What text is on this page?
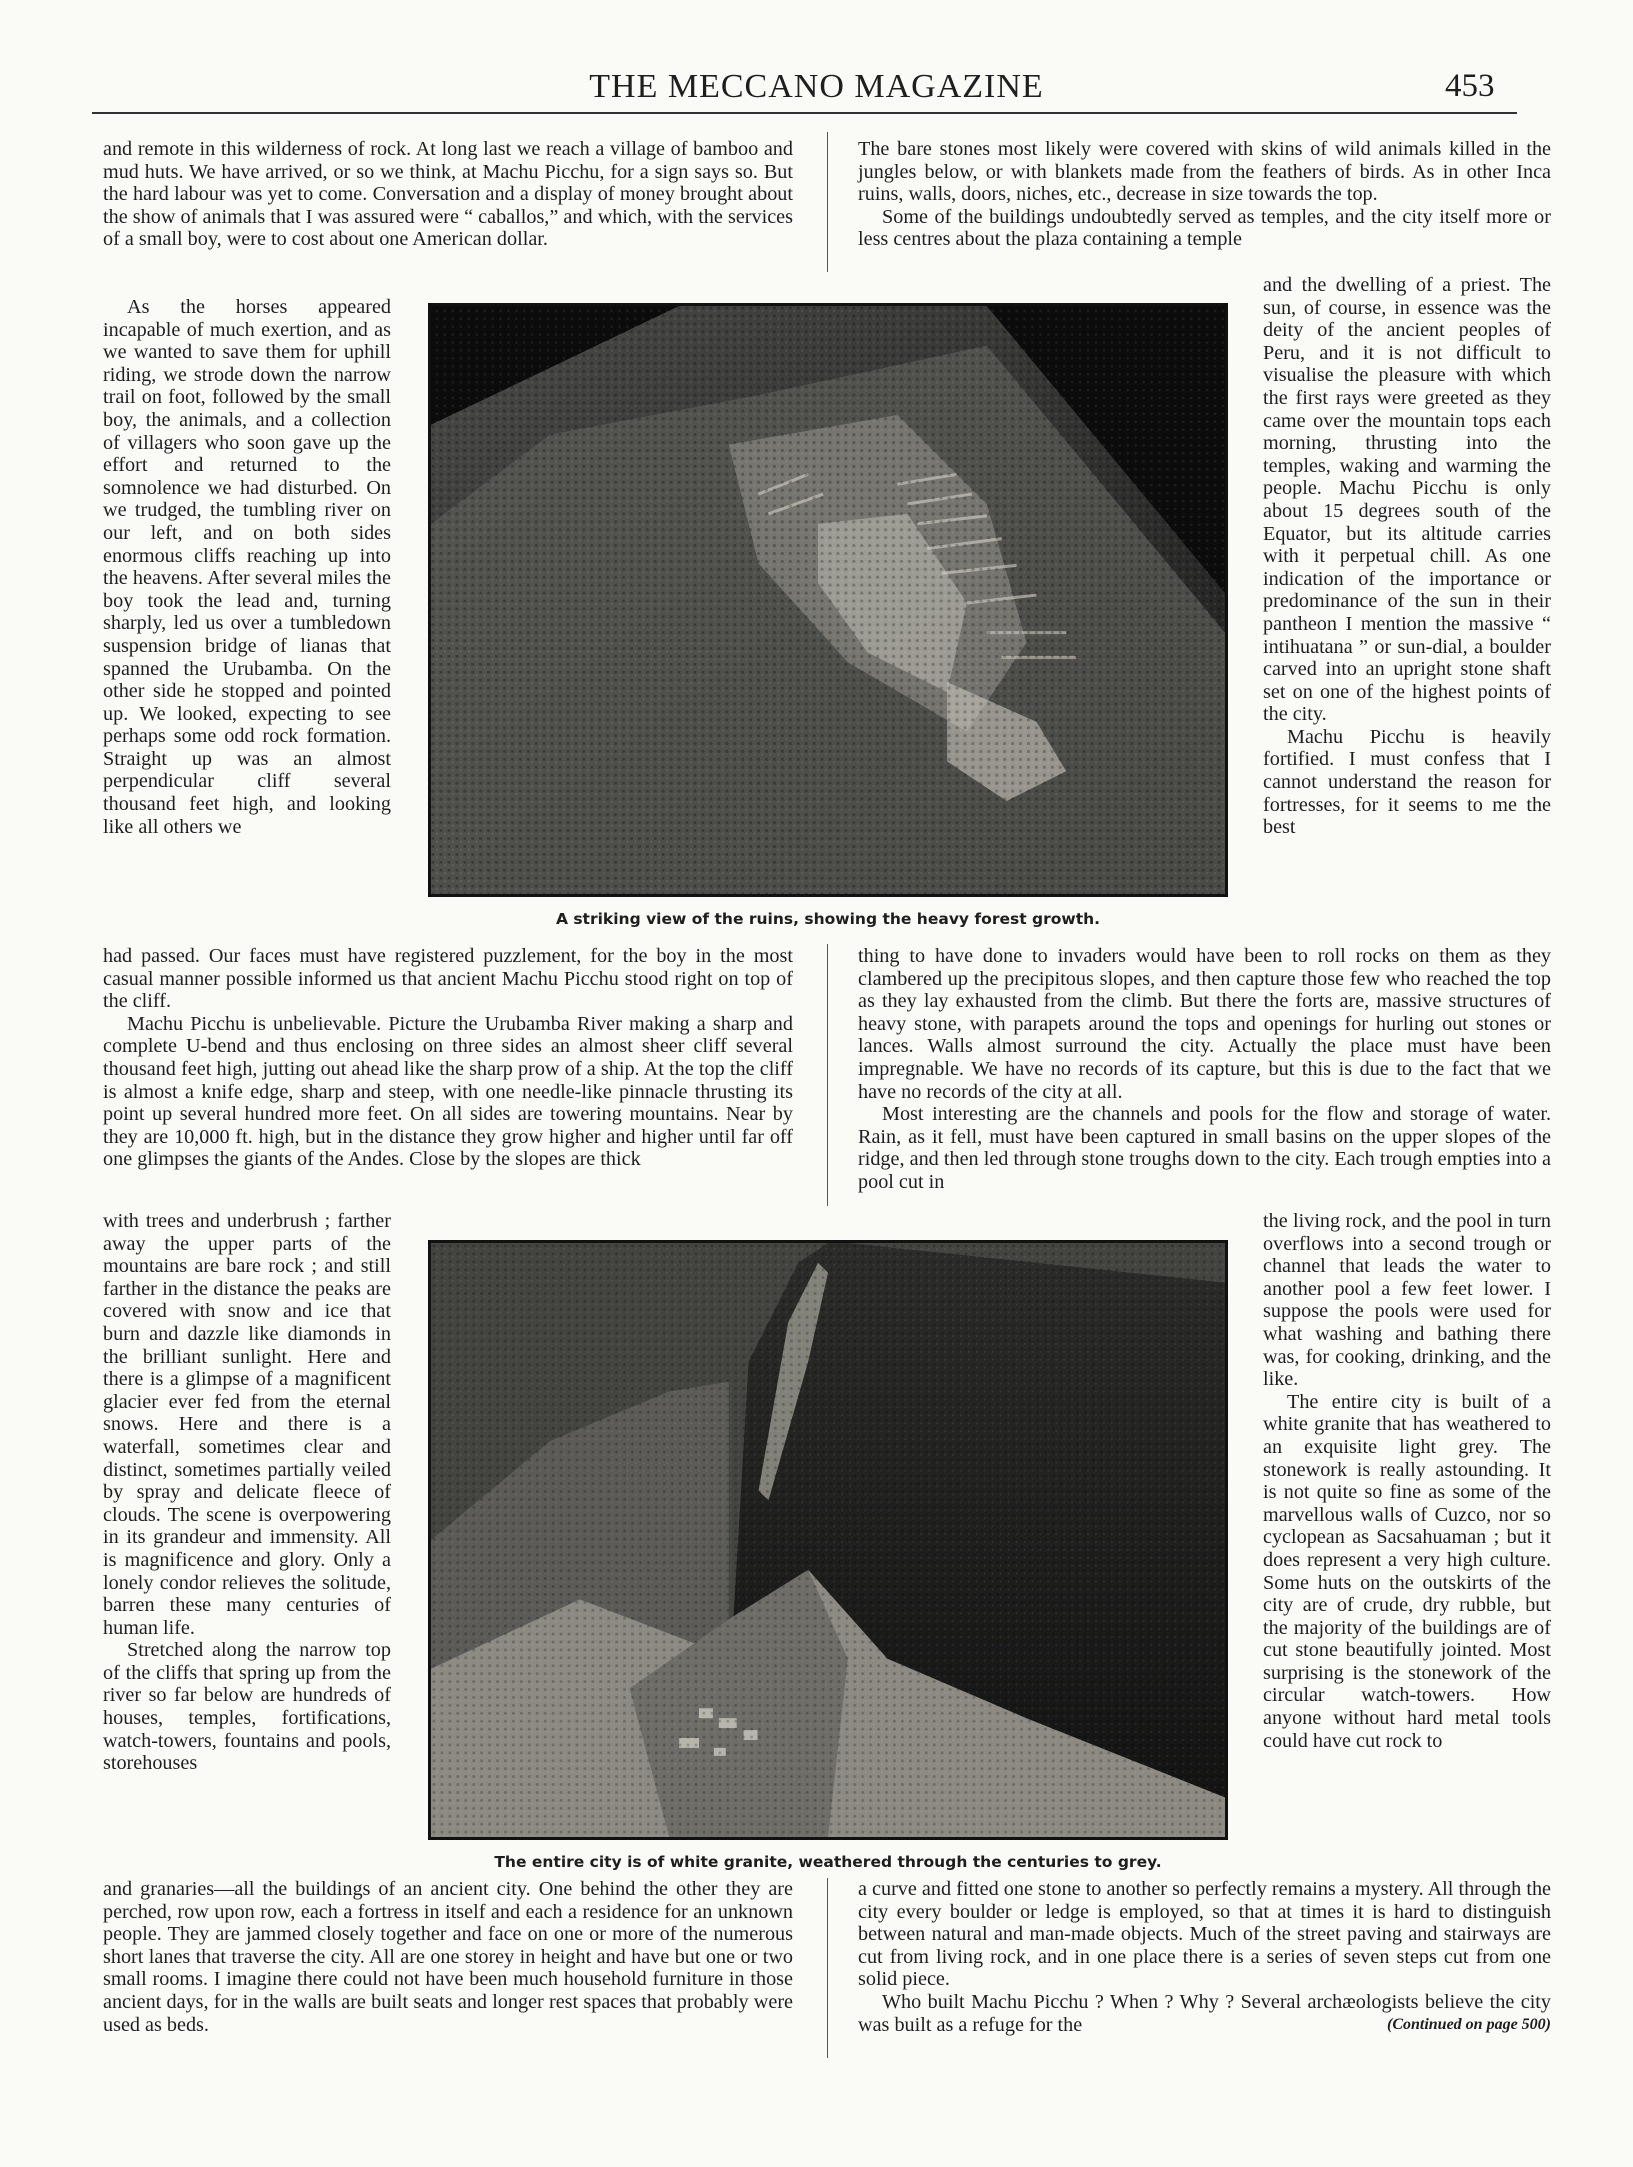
THE MECCANO MAGAZINE	453

and remote in this wilderness of rock. At long last we reach a village of bamboo and mud huts. We have arrived, or so we think, at Machu Picchu, for a sign says so. But the hard labour was yet to come. Conversation and a display of money brought about the show of animals that I was assured were “ caballos,” and which, with the services of a small boy, were to cost about one American dollar.

As the horses appeared incapable of much exertion, and as we wanted to save them for uphill riding, we strode down the narrow trail on foot, followed by the small boy, the animals, and a collection of villagers who soon gave up the effort and returned to the somnolence we had disturbed. On we trudged, the tumbling river on our left, and on both sides enormous cliffs reaching up into the heavens. After several miles the boy took the lead and, turning sharply, led us over a tumbledown suspension bridge of lianas that spanned the Urubamba. On the other side he stopped and pointed up. We looked, expecting to see perhaps some odd rock formation. Straight up was an almost perpendicular cliff several thousand feet high, and looking like all others we

had passed. Our faces must have registered puzzlement, for the boy in the most casual manner possible informed us that ancient Machu Picchu stood right on top of the cliff.

Machu Picchu is unbelievable. Picture the Urubamba River making a sharp and complete U-bend and thus enclosing on three sides an almost sheer cliff several thousand feet high, jutting out ahead like the sharp prow of a ship. At the top the cliff is almost a knife edge, sharp and steep, with one needle-like pinnacle thrusting its point up several hundred more feet. On all sides are towering mountains. Near by they are 10,000 ft. high, but in the distance they grow higher and higher until far off one glimpses the giants of the Andes. Close by the slopes are thick

with trees and underbrush ; farther away the upper parts of the mountains are bare rock ; and still farther in the distance the peaks are covered with snow and ice that burn and dazzle like diamonds in the brilliant sunlight. Here and there is a glimpse of a magnificent glacier ever fed from the eternal snows. Here and there is a waterfall, sometimes clear and distinct, sometimes partially veiled by spray and delicate fleece of clouds. The scene is overpowering in its grandeur and immensity. All is magnificence and glory. Only a lonely condor relieves the solitude, barren these many centuries of human life.

Stretched along the narrow top of the cliffs that spring up from the river so far below are hundreds of houses, temples, fortifications, watch-towers, fountains and pools, storehouses

and granaries—all the buildings of an ancient city. One behind the other they are perched, row upon row, each a fortress in itself and each a residence for an unknown people. They are jammed closely together and face on one or more of the numerous short lanes that traverse the city. All are one storey in height and have but one or two small rooms. I imagine there could not have been much household furniture in those ancient days, for in the walls are built seats and longer rest spaces that probably were used as beds.

The bare stones most likely were covered with skins of wild animals killed in the jungles below, or with blankets made from the feathers of birds. As in other Inca ruins, walls, doors, niches, etc., decrease in size towards the top.

Some of the buildings undoubtedly served as temples, and the city itself more or less centres about the plaza containing a temple

and the dwelling of a priest. The sun, of course, in essence was the deity of the ancient peoples of Peru, and it is not difficult to visualise the pleasure with which the first rays were greeted as they came over the mountain tops each morning, thrusting into the temples, waking and warming the people. Machu Picchu is only about 15 degrees south of the Equator, but its altitude carries with it perpetual chill. As one indication of the importance or predominance of the sun in their pantheon I mention the massive “ intihuatana ” or sun-dial, a boulder carved into an upright stone shaft set on one of the highest points of the city.

Machu Picchu is heavily fortified. I must confess that I cannot understand the reason for fortresses, for it seems to me the best

thing to have done to invaders would have been to roll rocks on them as they clambered up the precipitous slopes, and then capture those few who reached the top as they lay exhausted from the climb. But there the forts are, massive structures of heavy stone, with parapets around the tops and openings for hurling out stones or lances. Walls almost surround the city. Actually the place must have been impregnable. We have no records of its capture, but this is due to the fact that we have no records of the city at all.

Most interesting are the channels and pools for the flow and storage of water. Rain, as it fell, must have been captured in small basins on the upper slopes of the ridge, and then led through stone troughs down to the city. Each trough empties into a pool cut in

the living rock, and the pool in turn overflows into a second trough or channel that leads the water to another pool a few feet lower. I suppose the pools were used for what washing and bathing there was, for cooking, drinking, and the like.

The entire city is built of a white granite that has weathered to an exquisite light grey. The stonework is really astounding. It is not quite so fine as some of the marvellous walls of Cuzco, nor so cyclopean as Sacsahuaman ; but it does represent a very high culture. Some huts on the outskirts of the city are of crude, dry rubble, but the majority of the buildings are of cut stone beautifully jointed. Most surprising is the stonework of the circular watch-towers. How anyone without hard metal tools could have cut rock to

a curve and fitted one stone to another so perfectly remains a mystery. All through the city every boulder or ledge is employed, so that at times it is hard to distinguish between natural and man-made objects. Much of the street paving and stairways are cut from living rock, and in one place there is a series of seven steps cut from one solid piece.

Who built Machu Picchu ? When ? Why ? Several archæologists believe the city was built as a refuge for the	(Continued on page 500)

A striking view of the ruins, showing the heavy forest growth.
The entire city is of white granite, weathered through the centuries to grey.
